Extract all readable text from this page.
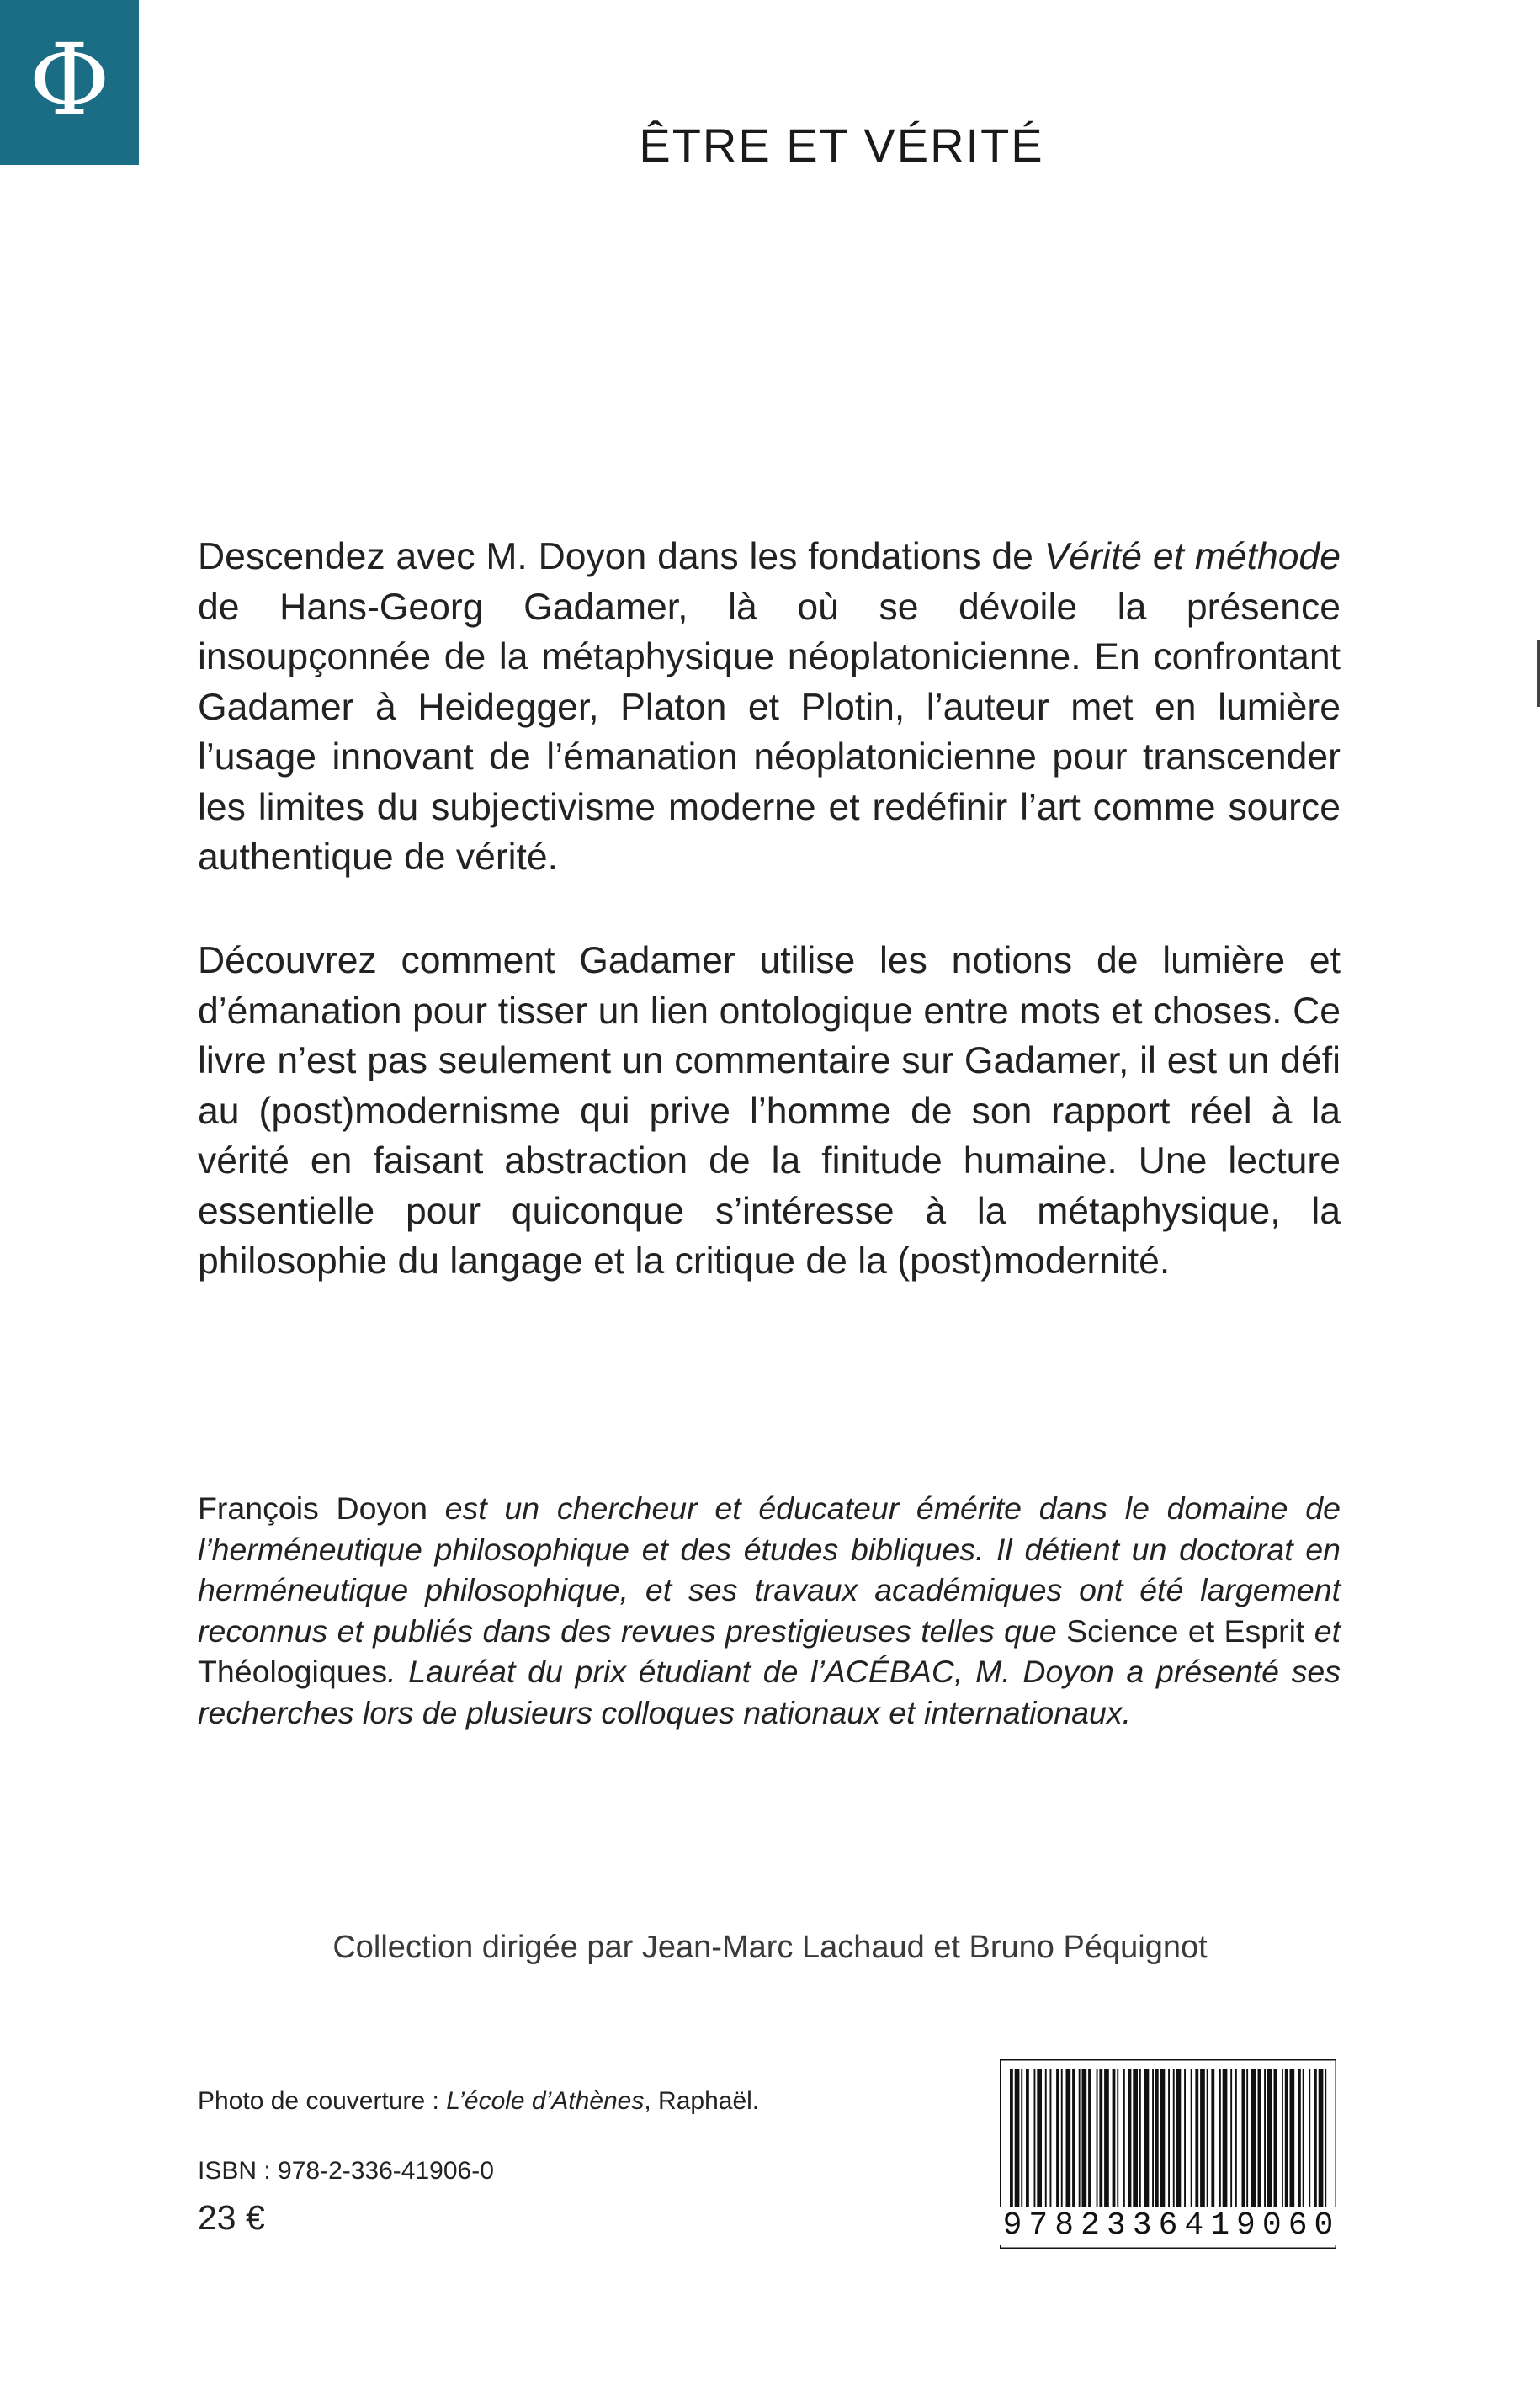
Φ
ÊTRE ET VÉRITÉ

Descendez avec M. Doyon dans les fondations de Vérité et méthode de Hans-Georg Gadamer, là où se dévoile la présence insoupçonnée de la métaphysique néoplatonicienne. En confrontant Gadamer à Heidegger, Platon et Plotin, l’auteur met en lumière l’usage innovant de l’émanation néoplatonicienne pour transcender les limites du subjectivisme moderne et redéfinir l’art comme source authentique de vérité.

Découvrez comment Gadamer utilise les notions de lumière et d’émanation pour tisser un lien ontologique entre mots et choses. Ce livre n’est pas seulement un commentaire sur Gadamer, il est un défi au (post)modernisme qui prive l’homme de son rapport réel à la vérité en faisant abstraction de la finitude humaine. Une lecture essentielle pour quiconque s’intéresse à la métaphysique, la philosophie du langage et la critique de la (post)modernité.

François Doyon est un chercheur et éducateur émérite dans le domaine de l’herméneutique philosophique et des études bibliques. Il détient un doctorat en herméneutique philosophique, et ses travaux académiques ont été largement reconnus et publiés dans des revues prestigieuses telles que Science et Esprit et Théologiques. Lauréat du prix étudiant de l’ACÉBAC, M. Doyon a présenté ses recherches lors de plusieurs colloques nationaux et internationaux.

Collection dirigée par Jean-Marc Lachaud et Bruno Péquignot
Photo de couverture : L’école d’Athènes, Raphaël.
ISBN : 978-2-336-41906-0
23 €	9 7 8 2 3 3 6 4 1 9 0 6 0
